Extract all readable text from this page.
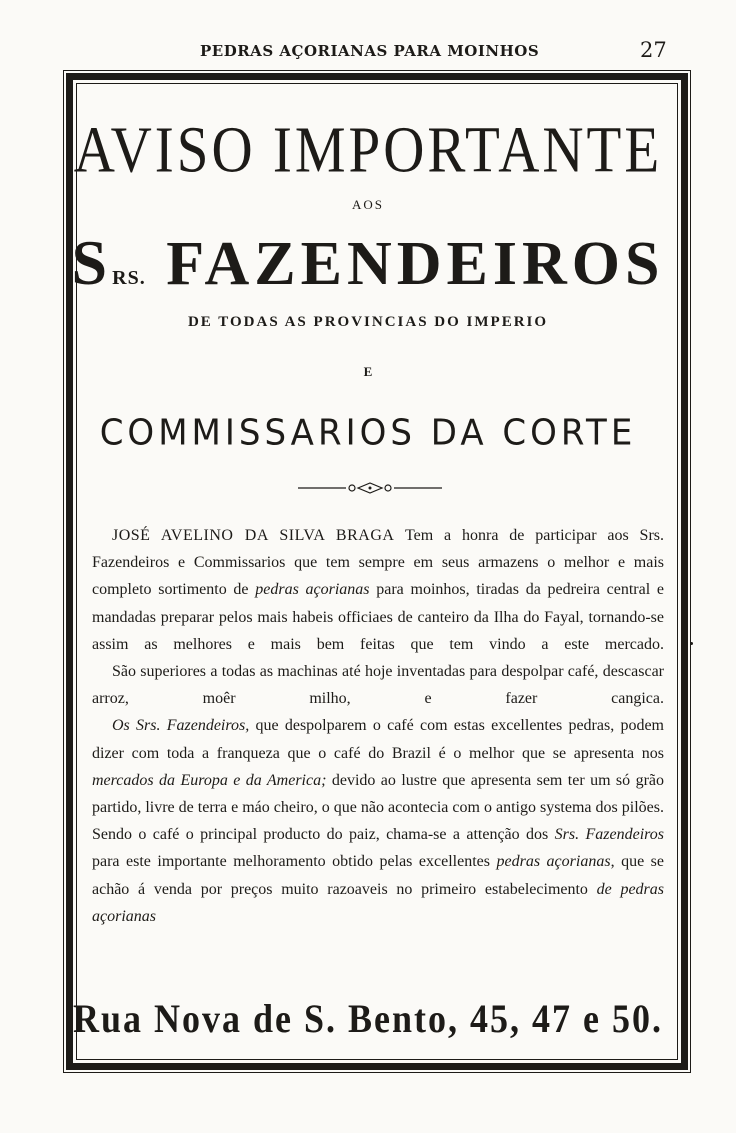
PEDRAS AÇORIANAS PARA MOINHOS	27
AVISO IMPORTANTE
AOS
SRS. FAZENDEIROS
DE TODAS AS PROVINCIAS DO IMPERIO
E
COMMISSARIOS DA CORTE

JOSÉ AVELINO DA SILVA BRAGA Tem a honra de participar aos Srs. Fazendeiros e Commissarios que tem sempre em seus armazens o melhor e mais completo sortimento de pedras açorianas para moinhos, tiradas da pedreira central e mandadas preparar pelos mais habeis officiaes de canteiro da Ilha do Fayal, tornando-se assim as melhores e mais bem feitas que tem vindo a este mercado.

São superiores a todas as machinas até hoje inventadas para despolpar café, descascar arroz, moêr milho, e fazer cangica.

Os Srs. Fazendeiros, que despolparem o café com estas excellentes pedras, podem dizer com toda a franqueza que o café do Brazil é o melhor que se apresenta nos mercados da Europa e da America; devido ao lustre que apresenta sem ter um só grão partido, livre de terra e máo cheiro, o que não acontecia com o antigo systema dos pilões. Sendo o café o principal producto do paiz, chama-se a attenção dos Srs. Fazendeiros para este importante melhoramento obtido pelas excellentes pedras açorianas, que se achão á venda por preços muito razoaveis no primeiro estabelecimento de pedras açorianas

Rua Nova de S. Bento, 45, 47 e 50.
